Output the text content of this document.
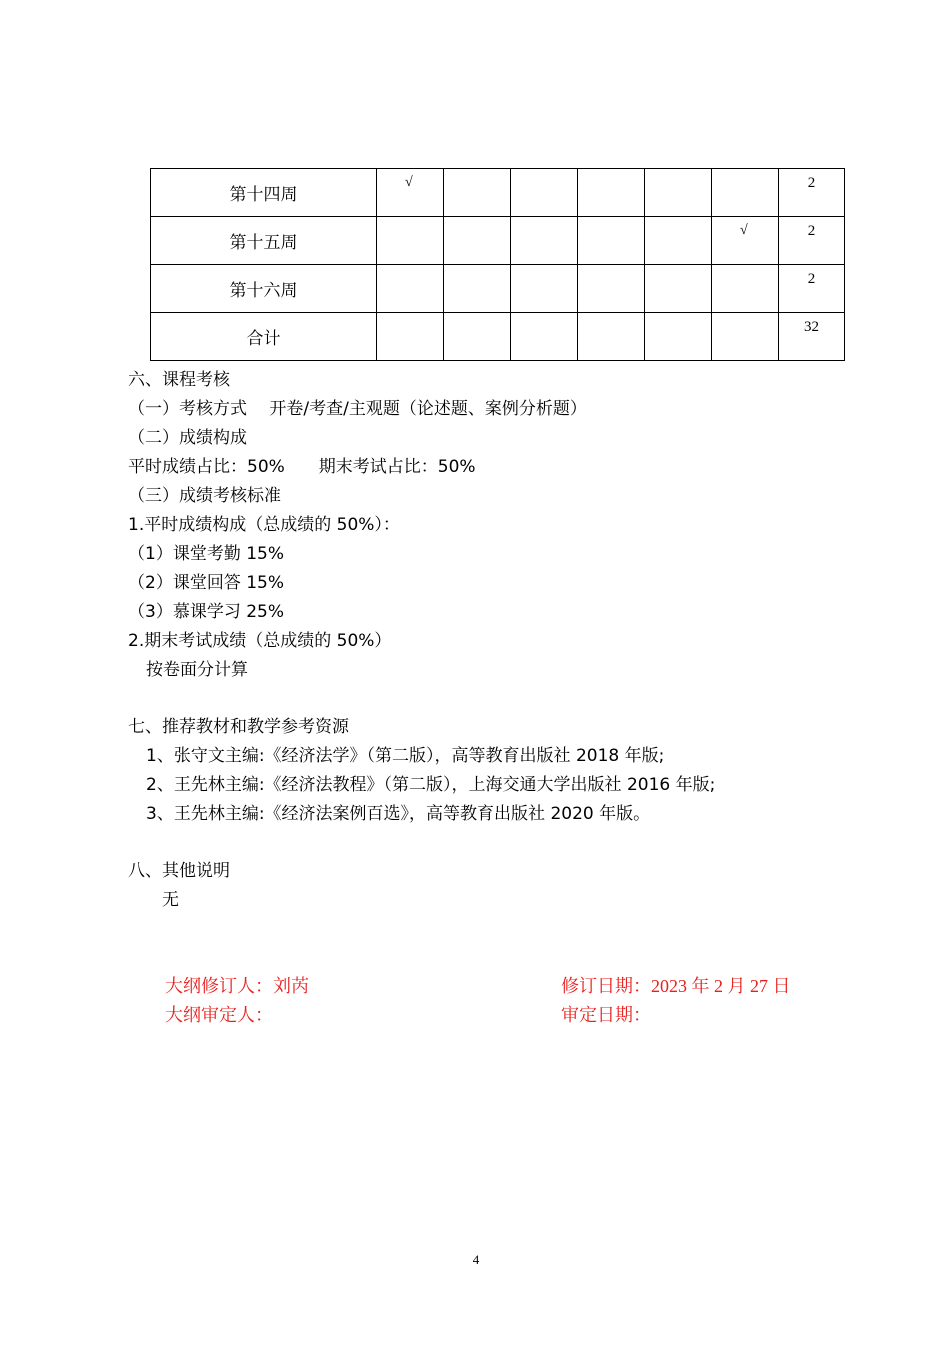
第十四周	√						2
第十五周						√	2
第十六周							2
合计							32
六、课程考核
（一）考核方式　 开卷/考查/主观题（论述题、案例分析题）
（二）成绩构成
平时成绩占比：50%　　期末考试占比：50%
（三）成绩考核标准
1.平时成绩构成（总成绩的 50%）：
（1）课堂考勤 15%
（2）课堂回答 15%
（3）慕课学习 25%
2.期末考试成绩（总成绩的 50%）
按卷面分计算
七、推荐教材和教学参考资源
1、张守文主编:《经济法学》（第二版），高等教育出版社 2018 年版;
2、王先林主编:《经济法教程》（第二版），上海交通大学出版社 2016 年版;
3、王先林主编:《经济法案例百选》，高等教育出版社 2020 年版。
八、其他说明
无
大纲修订人：刘芮	修订日期：2023 年 2 月 27 日
大纲审定人：	审定日期：
4
